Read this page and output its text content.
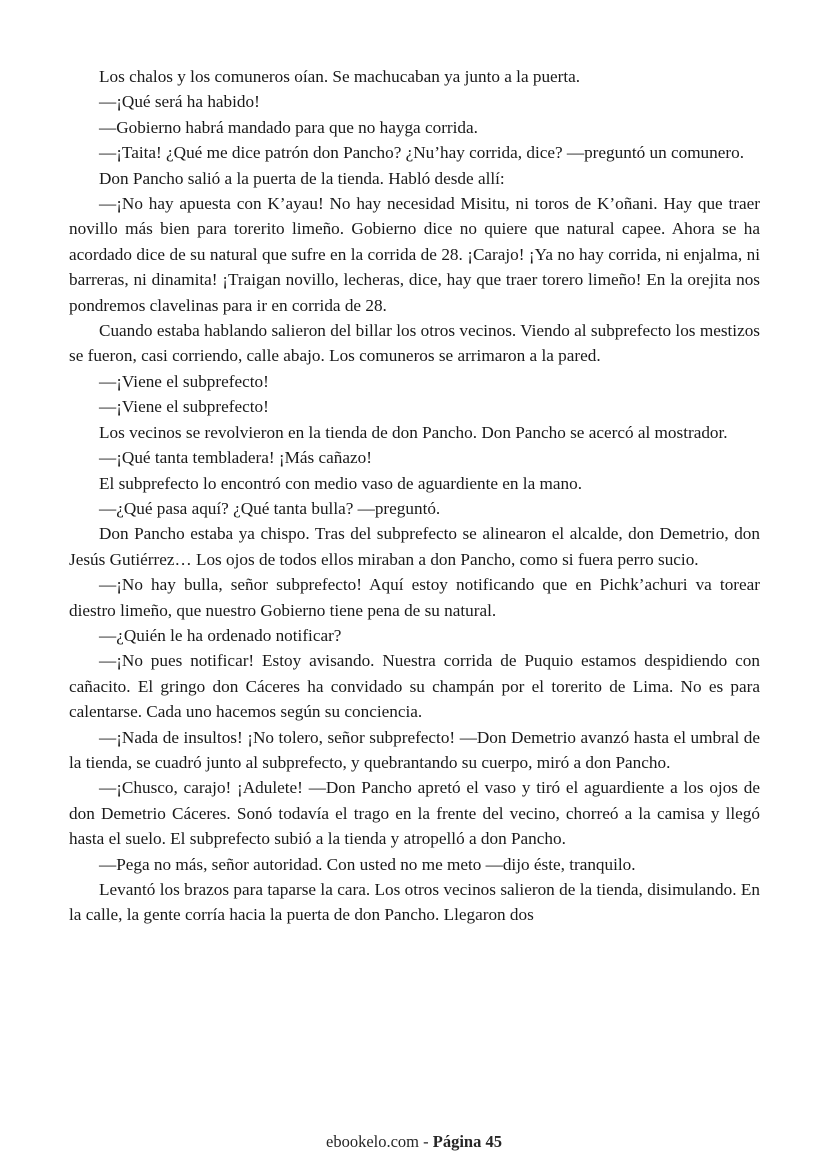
Los chalos y los comuneros oían. Se machucaban ya junto a la puerta.

—¡Qué será ha habido!

—Gobierno habrá mandado para que no hayga corrida.

—¡Taita! ¿Qué me dice patrón don Pancho? ¿Nu’hay corrida, dice? —preguntó un comunero.

Don Pancho salió a la puerta de la tienda. Habló desde allí:

—¡No hay apuesta con K’ayau! No hay necesidad Misitu, ni toros de K’oñani. Hay que traer novillo más bien para torerito limeño. Gobierno dice no quiere que natural capee. Ahora se ha acordado dice de su natural que sufre en la corrida de 28. ¡Carajo! ¡Ya no hay corrida, ni enjalma, ni barreras, ni dinamita! ¡Traigan novillo, lecheras, dice, hay que traer torero limeño! En la orejita nos pondremos clavelinas para ir en corrida de 28.

Cuando estaba hablando salieron del billar los otros vecinos. Viendo al subprefecto los mestizos se fueron, casi corriendo, calle abajo. Los comuneros se arrimaron a la pared.

—¡Viene el subprefecto!

—¡Viene el subprefecto!

Los vecinos se revolvieron en la tienda de don Pancho. Don Pancho se acercó al mostrador.

—¡Qué tanta tembladera! ¡Más cañazo!

El subprefecto lo encontró con medio vaso de aguardiente en la mano.

—¿Qué pasa aquí? ¿Qué tanta bulla? —preguntó.

Don Pancho estaba ya chispo. Tras del subprefecto se alinearon el alcalde, don Demetrio, don Jesús Gutiérrez… Los ojos de todos ellos miraban a don Pancho, como si fuera perro sucio.

—¡No hay bulla, señor subprefecto! Aquí estoy notificando que en Pichk’achuri va torear diestro limeño, que nuestro Gobierno tiene pena de su natural.

—¿Quién le ha ordenado notificar?

—¡No pues notificar! Estoy avisando. Nuestra corrida de Puquio estamos despidiendo con cañacito. El gringo don Cáceres ha convidado su champán por el torerito de Lima. No es para calentarse. Cada uno hacemos según su conciencia.

—¡Nada de insultos! ¡No tolero, señor subprefecto! —Don Demetrio avanzó hasta el umbral de la tienda, se cuadró junto al subprefecto, y quebrantando su cuerpo, miró a don Pancho.

—¡Chusco, carajo! ¡Adulete! —Don Pancho apretó el vaso y tiró el aguardiente a los ojos de don Demetrio Cáceres. Sonó todavía el trago en la frente del vecino, chorreó a la camisa y llegó hasta el suelo. El subprefecto subió a la tienda y atropelló a don Pancho.

—Pega no más, señor autoridad. Con usted no me meto —dijo éste, tranquilo.

Levantó los brazos para taparse la cara. Los otros vecinos salieron de la tienda, disimulando. En la calle, la gente corría hacia la puerta de don Pancho. Llegaron dos

ebookelo.com - Página 45
